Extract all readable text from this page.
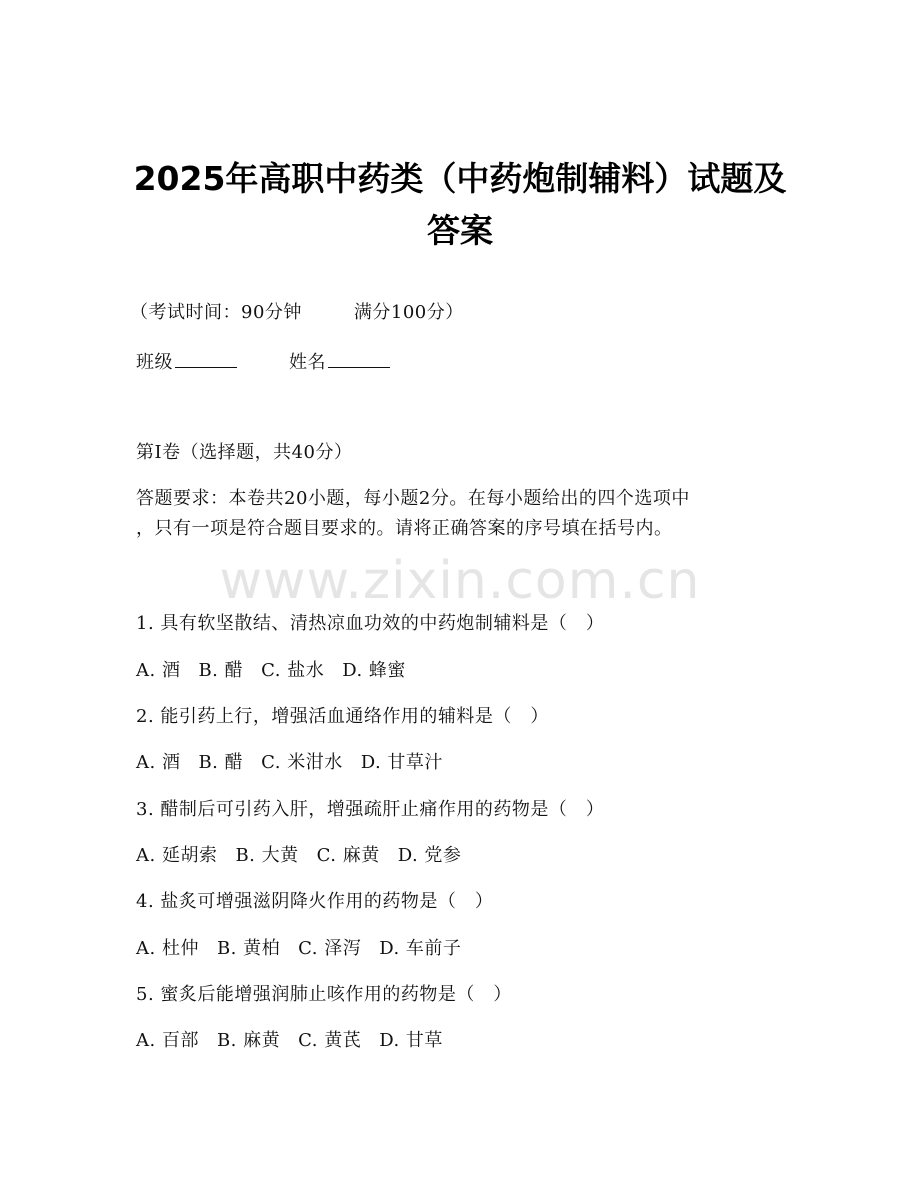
2025年高职中药类（中药炮制辅料）试题及
答案
（考试时间：90分钟	满分100分）
班级	姓名
第I卷（选择题，共40分）
答题要求：本卷共20小题，每小题2分。在每小题给出的四个选项中
，只有一项是符合题目要求的。请将正确答案的序号填在括号内。
www.zixin.com.cn
1. 具有软坚散结、清热凉血功效的中药炮制辅料是（　）
A. 酒 B. 醋 C. 盐水 D. 蜂蜜
2. 能引药上行，增强活血通络作用的辅料是（　）
A. 酒 B. 醋 C. 米泔水 D. 甘草汁
3. 醋制后可引药入肝，增强疏肝止痛作用的药物是（　）
A. 延胡索 B. 大黄 C. 麻黄 D. 党参
4. 盐炙可增强滋阴降火作用的药物是（　）
A. 杜仲 B. 黄柏 C. 泽泻 D. 车前子
5. 蜜炙后能增强润肺止咳作用的药物是（　）
A. 百部 B. 麻黄 C. 黄芪 D. 甘草
